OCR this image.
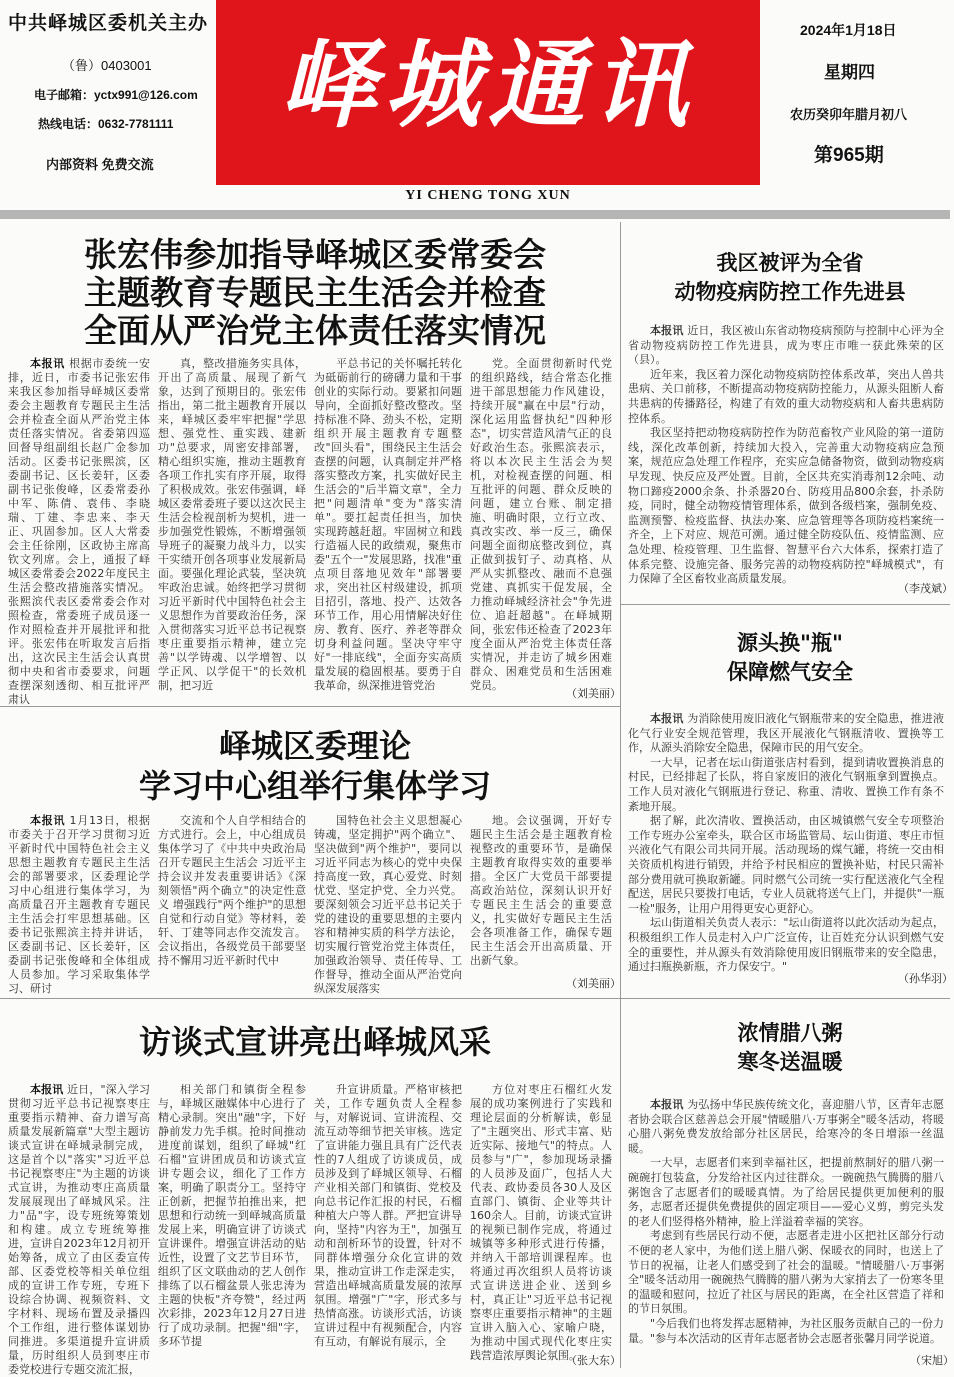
中共峄城区委机关主办
（鲁）0403001
电子邮箱：yctx991@126.com
热线电话：0632-7781111
内部资料 免费交流
峄城通讯
YI CHENG TONG XUN
2024年1月18日
星期四
农历癸卯年腊月初八
第965期
张宏伟参加指导峄城区委常委会
主题教育专题民主生活会并检查
全面从严治党主体责任落实情况
本报讯 根据市委统一安排，近日，市委书记张宏伟来我区参加指导峄城区委常委会主题教育专题民主生活会并检查全面从严治党主体责任落实情况。省委第四巡回督导组副组长赵广金参加活动。区委书记张熙滨，区委副书记、区长姜轩，区委副书记张俊峰，区委常委孙中军、陈倩、袁伟、李晓瑞、丁建、李忠来、李天正、巩固参加。区人大常委会主任徐刚，区政协主席高钦文列席。会上，通报了峄城区委常委会2022年度民主生活会整改措施落实情况。张熙滨代表区委常委会作对照检查，常委班子成员逐一作对照检查并开展批评和批评。张宏伟在听取发言后指出，这次民主生活会认真贯彻中央和省市委要求，问题查摆深刻透彻、相互批评严肃认
真，整改措施务实具体，开出了高质量、展现了新气象，达到了预期目的。张宏伟指出，第二批主题教育开展以来，峄城区委牢牢把握"学思想、强党性、重实践、建新功"总要求，周密安排部署，精心组织实施，推动主题教育各项工作扎实有序开展，取得了积极成效。张宏伟强调，峄城区委常委班子要以这次民主生活会检视剖析为契机，进一步加强党性锻炼，不断增强领导班子的凝聚力战斗力，以实干实绩开创各项事业发展新局面。要强化理论武装，坚决筑牢政治忠诚。始终把学习贯彻习近平新时代中国特色社会主义思想作为首要政治任务，深入贯彻落实习近平总书记视察枣庄重要指示精神，建立完善"以学铸魂、以学增智、以学正风、以学促干"的长效机制，把习近
平总书记的关怀嘱托转化为砥砺前行的磅礴力量和干事创业的实际行动。要紧扣问题导向，全面抓好整改整改。坚持标准不降、劲头不松，定期组织开展主题教育专题整改"回头看"，围绕民主生活会查摆的问题，认真制定并严格落实整改方案，扎实做好民主生活会的"后半篇文章"，全力把"问题清单"变为"落实清单"。要扛起责任担当，加快实现跨越赶超。牢固树立和践行造福人民的政绩观，聚焦市委"五个一"发展思路，找准"重点项目落地见效年"部署要求，突出社区村级建设，抓项目招引，落地、投产、达效各环节工作，用心用情解决好住房、教育、医疗、养老等群众切身利益问题。坚决守牢守好"一排底线"，全面夯实高质量发展的稳固根基。要勇于自我革命，纵深推进管党治
党。全面贯彻新时代党的组织路线，结合常态化推进干部思想能力作风建设，持续开展"赢在中层"行动，深化运用监督执纪"四种形态"，切实营造风清气正的良好政治生态。张熙滨表示，将以本次民主生活会为契机，对检视查摆的问题、相互批评的问题、群众反映的问题，建立台账、制定措施、明确时限，立行立改、真改实改、举一反三，确保问题全面彻底整改到位，真正做到拔钉子、动真格、从严从实抓整改、融而不息强党建、真抓实干促发展，全力推动峄城经济社会"争先进位、追赶超越"。在峄城期间，张宏伟还检查了2023年度全面从严治党主体责任落实情况，并走访了城乡困难群众、困难党员和生活困难党员。
（刘美丽）
我区被评为全省
动物疫病防控工作先进县

本报讯 近日，我区被山东省动物疫病预防与控制中心评为全省动物疫病防控工作先进县，成为枣庄市唯一获此殊荣的区（县）。

近年来，我区着力深化动物疫病防控体系改革，突出人兽共患病、关口前移，不断提高动物疫病防控能力，从源头阻断人畜共患病的传播路径，构建了有效的重大动物疫病和人畜共患病防控体系。

我区坚持把动物疫病防控作为防范畜牧产业风险的第一道防线，深化改革创新，持续加大投入，完善重大动物疫病应急预案，规范应急处理工作程序，充实应急储备物资，做到动物疫病早发现、快反应及严处置。目前，全区共充实消毒剂12余吨、动物口蹄疫2000余条、扑杀器20台、防疫用品800余套，扑杀防疫，同时，健全动物疫情管理体系，做到各级档案，强制免疫、监测预警、检疫监督、执法办案、应急管理等各项防疫档案统一齐全，上下对应、规范可溯。通过健全防疫队伍、疫情监测、应急处理、检疫管理、卫生监督、智慧平台六大体系，探索打造了体系完整、设施完备、服务完善的动物疫病防控"峄城模式"，有力保障了全区畜牧业高质量发展。

（李茂斌）
峄城区委理论
学习中心组举行集体学习
本报讯 1月13日，根据市委关于召开学习贯彻习近平新时代中国特色社会主义思想主题教育专题民主生活会的部署要求，区委理论学习中心组进行集体学习，为高质量召开主题教育专题民主生活会打牢思想基础。区委书记张熙滨主持并讲话，区委副书记、区长姜轩，区委副书记张俊峰和全体组成人员参加。学习采取集体学习、研讨
交流和个人自学相结合的方式进行。会上，中心组成员集体学习了《中共中央政治局召开专题民主生活会 习近平主持会议并发表重要讲话》《深刻领悟"两个确立"的决定性意义 增强践行"两个维护"的思想自觉和行动自觉》等材料，姜轩、丁建等同志作交流发言。会议指出，各级党员干部要坚持不懈用习近平新时代中
国特色社会主义思想凝心铸魂，坚定拥护"两个确立"、坚决做到"两个维护"，要同以习近平同志为核心的党中央保持高度一致，真心爱党、时刻忧党、坚定护党、全力兴党。要深刻领会习近平总书记关于党的建设的重要思想的主要内容和精神实质的科学方法论，切实履行管党治党主体责任，加强政治领导、责任传导、工作督导，推动全面从严治党向纵深发展落实
地。会议强调，开好专题民主生活会是主题教育检视整改的重要环节，是确保主题教育取得实效的重要举措。全区广大党员干部要提高政治站位，深刻认识开好专题民主生活会的重要意义，扎实做好专题民主生活会各项准备工作，确保专题民主生活会开出高质量、开出新气象。
（刘美丽）
源头换"瓶"
保障燃气安全

本报讯 为消除使用废旧液化气钢瓶带来的安全隐患，推进液化气行业安全规范管理，我区开展液化气钢瓶清收、置换等工作，从源头消除安全隐患，保障市民的用气安全。

一大早，记者在坛山街道张店村看到，提到请收置换消息的村民，已经排起了长队，将自家废旧的液化气钢瓶拿到置换点。工作人员对液化气钢瓶进行登记、称重、清收、置换工作有条不紊地开展。

据了解，此次清收、置换活动，由区城镇燃气安全专项整治工作专班办公室牵头，联合区市场监管局、坛山街道、枣庄市恒兴液化气有限公司共同开展。活动现场的煤气罐，将统一交由相关资质机构进行销毁，并给予村民相应的置换补贴，村民只需补部分费用就可换取新罐。同时燃气公司统一实行配送液化气全程配送，居民只要拨打电话，专业人员就将送气上门，并提供"一瓶一检"服务，让用户用得更安心更舒心。

坛山街道相关负责人表示："坛山街道将以此次活动为起点，积极组织工作人员走村入户广泛宣传，让百姓充分认识到燃气安全的重要性，并从源头有效消除使用废旧钢瓶带来的安全隐患，通过扫瓶换新瓶，齐力保安宁。"

（孙华羽）
访谈式宣讲亮出峄城风采
本报讯 近日，"深入学习贯彻习近平总书记视察枣庄重要指示精神、奋力谱写高质量发展新篇章"大型主题访谈式宣讲在峄城录制完成，这是首个以"落实"习近平总书记视察枣庄"为主题的访谈式宣讲，为推动枣庄高质量发展展现出了峄城风采。注力"品"字，设专班统筹策划和构建。成立专班统筹推进，宣讲自2023年12月初开始筹备，成立了由区委宣传部、区委党校等相关单位组成的宣讲工作专班，专班下设综合协调、视频资料、文字材料、现场布置及录播四个工作组，进行整体谋划协同推进。多渠道提升宣讲质量，历时组织人员到枣庄市委党校进行专题交流汇报，
相关部门和镇街全程参与，峄城区融媒体中心进行了精心录制。突出"融"字，下好静前发力先手棋。抢时间推动进度前谋划，组织了峄城"红石榴"宣讲团成员和访谈式宣讲专题会议，细化了工作方案，明确了职责分工。坚持守正创新，把握节拍推出来，把思想和行动统一到峄城高质量发展上来，明确宣讲了访谈式宣讲课件。增强宣讲活动的贴近性，设置了文艺节目环节，组织了区文联曲动的艺人创作排练了以石榴盆景人张忠涛为主题的快板"齐夸赞"，经过两次彩排，2023年12月27日进行了成功录制。把握"细"字，多环节提
升宣讲质量。严格审核把关，工作专题负责人全程参与，对解说词、宣讲流程、交流互动等细节把关审核。选定了宣讲能力强且具有广泛代表性的7人组成了访谈成员，成员涉及到了峄城区领导、石榴产业相关部门和镇街、党校及向总书记作汇报的村民，石榴种植大户等人群。严把宣讲导向，坚持"内容为王"，加强互动和剖析环节的设置，针对不同群体增强分众化宣讲的效果，推动宣讲工作走深走实，营造出峄城高质量发展的浓厚氛围。增强"广"字，形式多与热情高涨。访谈形式活，访谈宣讲过程中有视频配合，内容有互动，有解说有展示，全
方位对枣庄石榴红火发展的成功案例进行了实践和理论层面的分析解读，彰显了"主题突出、形式丰富、贴近实际、接地气"的特点。人员参与"广"，参加现场录播的人员涉及面广，包括人大代表、政协委员各30人及区直部门、镇街、企业等共计160余人。目前，访谈式宣讲的视频已制作完成，将通过城镇等多种形式进行传播，并纳入干部培训课程库。也将通过再次组织人员将访谈式宣讲送进企业、送到乡村，真正让"习近平总书记视察枣庄重要指示精神"的主题宣讲入脑入心、家喻户晓，为推动中国式现代化枣庄实践营造浓厚舆论氛围。
（张大东）
浓情腊八粥
寒冬送温暖

本报讯 为弘扬中华民族传统文化，喜迎腊八节，区青年志愿者协会联合区慈善总会开展"情暖腊八·万事粥全"暖冬活动，将暖心腊八粥免费发放给部分社区居民，给寒冷的冬日增添一丝温暖。

一大早，志愿者们来到幸福社区，把提前熬制好的腊八粥一碗碗打包装盒，分发给社区内过往群众。一碗碗热气腾腾的腊八粥饱含了志愿者们的暖暖真情。为了给居民提供更加便利的服务，志愿者还提供免费提供的固定项目——爱心义剪，剪完头发的老人们竖得格外精神，脸上洋溢着幸福的笑容。

考虑到有些居民行动不便，志愿者走进小区把社区部分行动不便的老人家中，为他们送上腊八粥、保暖衣的同时，也送上了节日的祝福，让老人们感受到了社会的温暖。"情暖腊八·万事粥全"暖冬活动用一碗碗热气腾腾的腊八粥为大家捎去了一份寒冬里的温暖和慰问，拉近了社区与居民的距离，在全社区营造了祥和的节日氛围。

"今后我们也将发挥志愿精神，为社区服务贡献自己的一份力量。"参与本次活动的区青年志愿者协会志愿者张馨月同学说道。

（宋旭）
